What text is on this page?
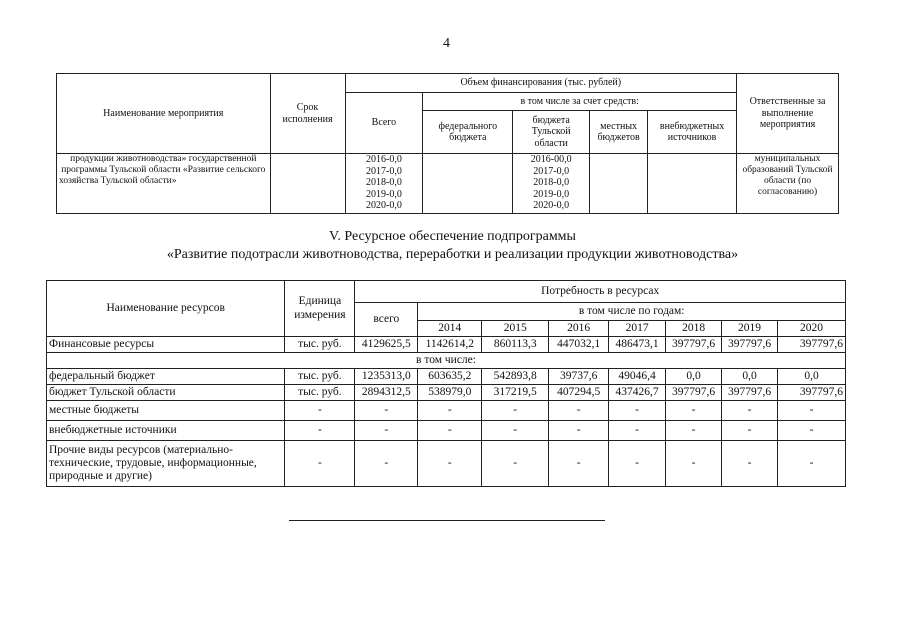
4
Наименование мероприятия	Срок исполнения	Объем финансирования (тыс. рублей)					Ответственные за выполнение мероприятия
		Всего	в том числе за счет средств:				
			федерального бюджета	бюджета Тульской области	местных бюджетов	внебюджетных источников	
продукции животноводства» государственной программы Тульской области «Развитие сельского хозяйства Тульской области»		2016-0,0
2017-0,0
2018-0,0
2019-0,0
2020-0,0		2016-00,0
2017-0,0
2018-0,0
2019-0,0
2020-0,0			муниципальных образований Тульской области (по согласованию)
V. Ресурсное обеспечение подпрограммы
«Развитие подотрасли животноводства, переработки и реализации продукции животноводства»
Наименование ресурсов	Единица измерения	Потребность в ресурсах							
		всего	в том числе по годам:						
			2014	2015	2016	2017	2018	2019	2020
Финансовые ресурсы	тыс. руб.	4129625,5	1142614,2	860113,3	447032,1	486473,1	397797,6	397797,6	397797,6
в том числе:									
федеральный бюджет	тыс. руб.	1235313,0	603635,2	542893,8	39737,6	49046,4	0,0	0,0	0,0
бюджет Тульской области	тыс. руб.	2894312,5	538979,0	317219,5	407294,5	437426,7	397797,6	397797,6	397797,6
местные бюджеты	-	-	-	-	-	-	-	-	-
внебюджетные источники	-	-	-	-	-	-	-	-	-
Прочие виды ресурсов (материально-технические, трудовые, информационные, природные и другие)	-	-	-	-	-	-	-	-	-
